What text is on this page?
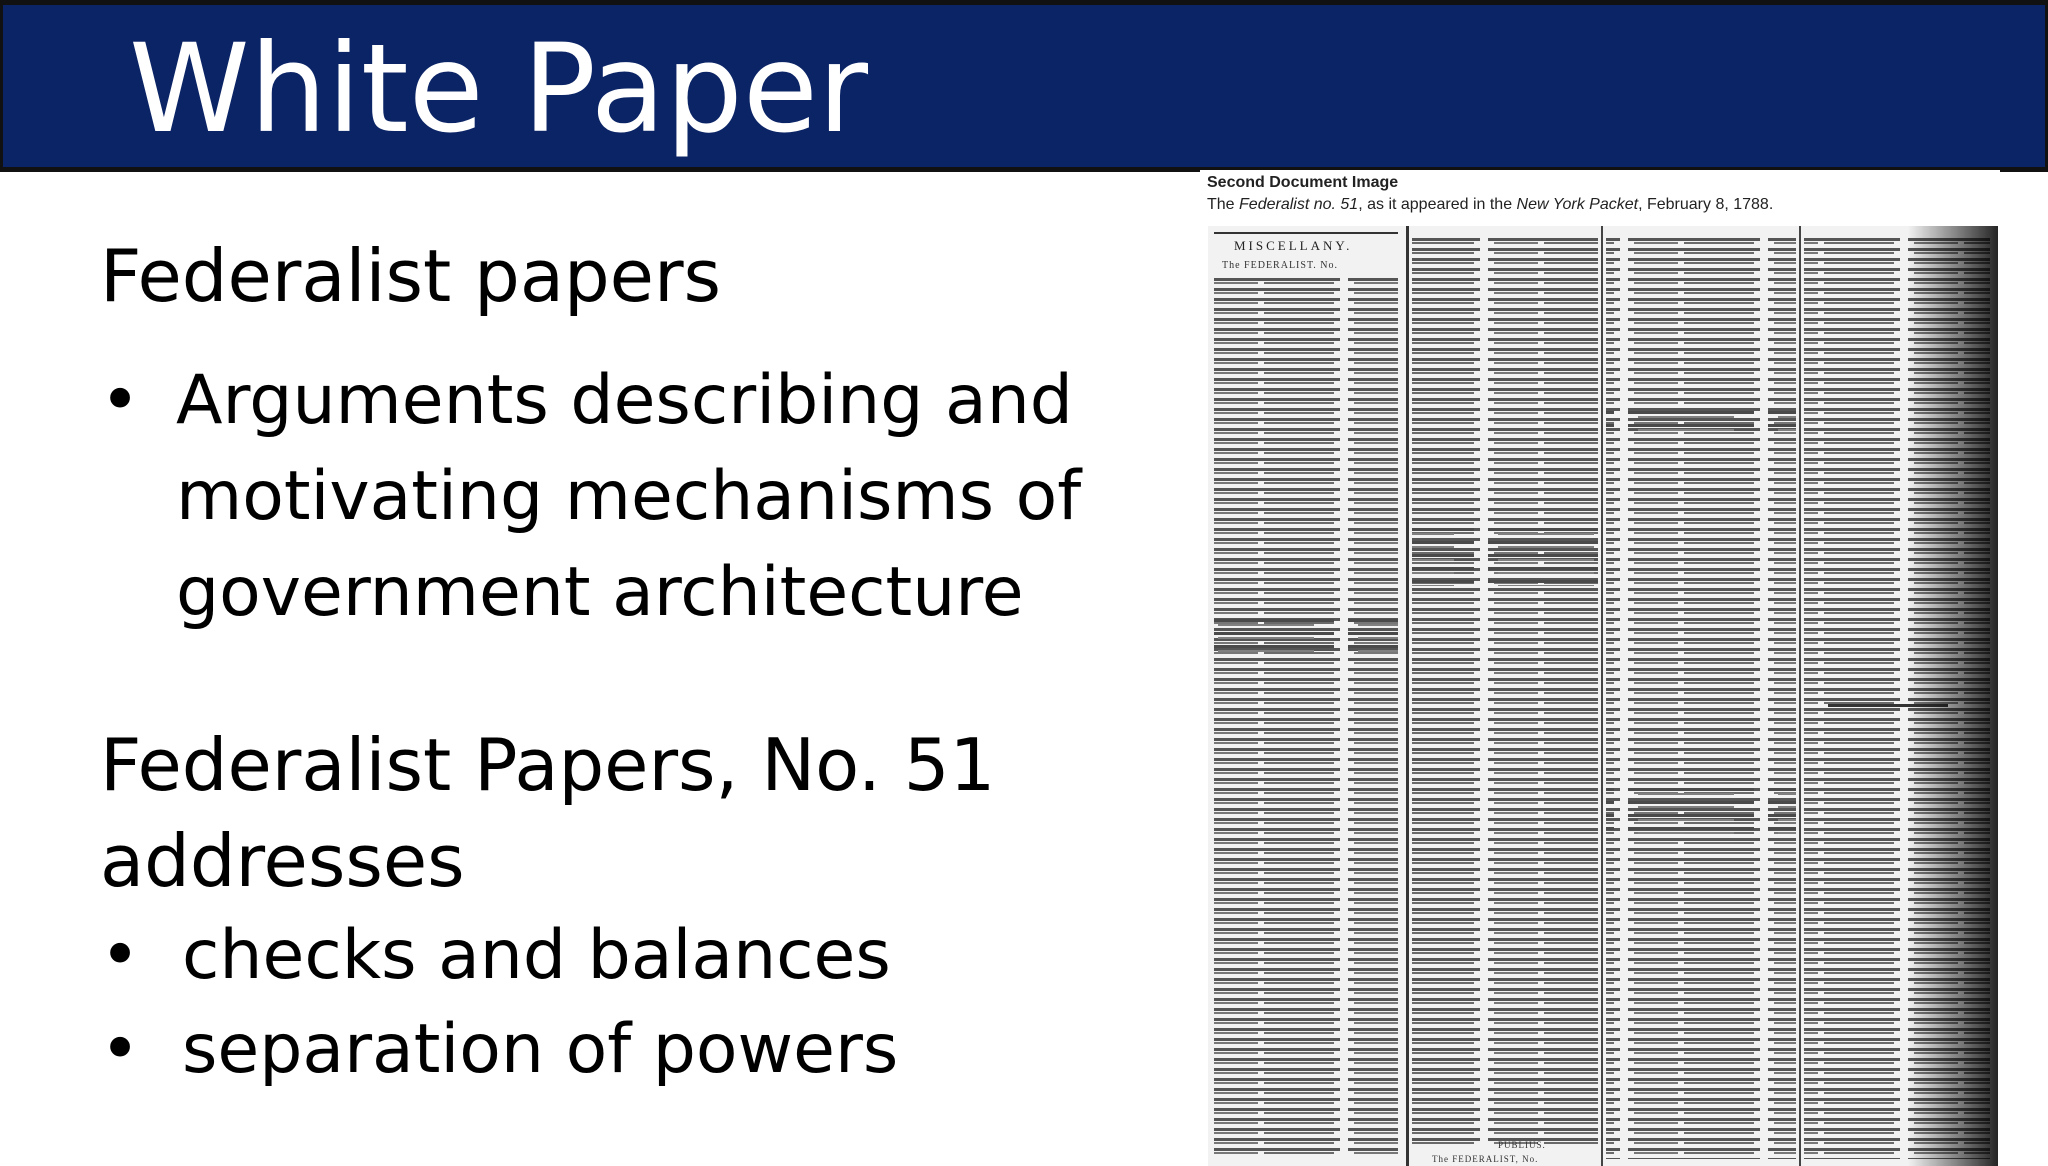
White Paper
Federalist papers
• Arguments describing and motivating mechanisms of government architecture
Federalist Papers, No. 51 addresses
• checks and balances
• separation of powers
Second Document Image
The Federalist no. 51, as it appeared in the New York Packet, February 8, 1788.
MISCELLANY.
The FEDERALIST. No.
PUBLIUS.
The FEDERALIST, No.
